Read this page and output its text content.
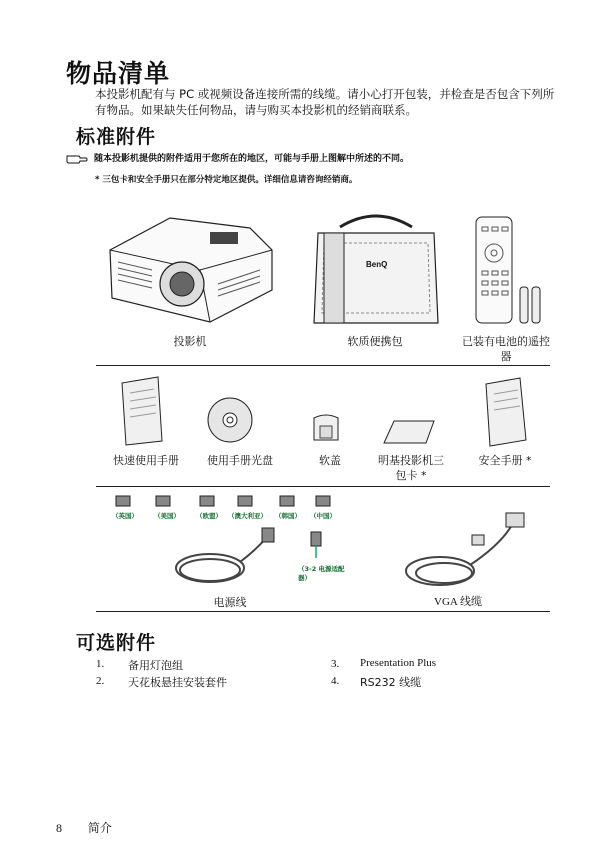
物品清单
本投影机配有与 PC 或视频设备连接所需的线缆。请小心打开包装，并检查是否包含下列所有物品。如果缺失任何物品，请与购买本投影机的经销商联系。
标准附件
随本投影机提供的附件适用于您所在的地区，可能与手册上图解中所述的不同。
* 三包卡和安全手册只在部分特定地区提供。详细信息请咨询经销商。
BenQ
投影机	软质便携包	已装有电池的遥控器
快速使用手册	使用手册光盘	软盖	明基投影机三包卡 *
安全手册 *
（英国） （美国） （欧盟） （澳大利亚） （韩国） （中国）
（3-2 电源适配器）
电源线	VGA 线缆
可选附件
1. 备用灯泡组
2. 天花板悬挂安装套件
3. Presentation Plus
4. RS232 线缆
8 简介
